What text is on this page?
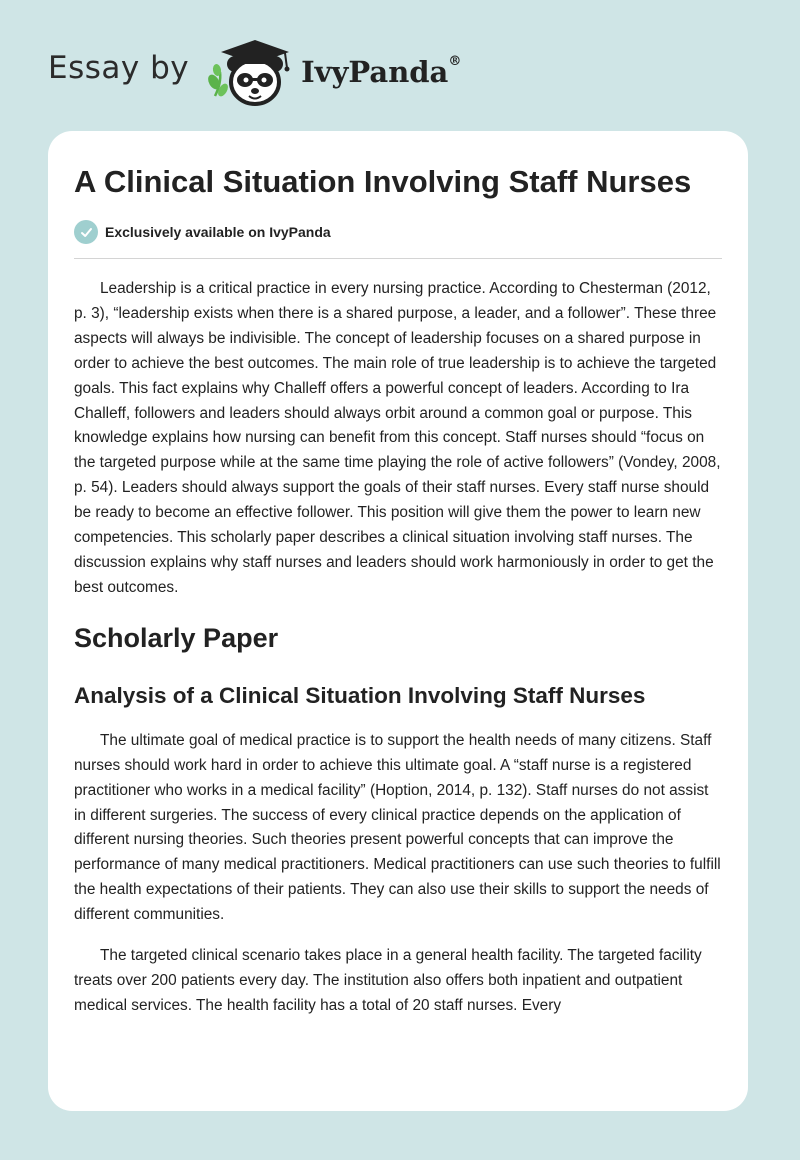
Essay by	IvyPanda®
A Clinical Situation Involving Staff Nurses
Exclusively available on IvyPanda

Leadership is a critical practice in every nursing practice. According to Chesterman (2012, p. 3), “leadership exists when there is a shared purpose, a leader, and a follower”. These three aspects will always be indivisible. The concept of leadership focuses on a shared purpose in order to achieve the best outcomes. The main role of true leadership is to achieve the targeted goals. This fact explains why Challeff offers a powerful concept of leaders. According to Ira Challeff, followers and leaders should always orbit around a common goal or purpose. This knowledge explains how nursing can benefit from this concept. Staff nurses should “focus on the targeted purpose while at the same time playing the role of active followers” (Vondey, 2008, p. 54). Leaders should always support the goals of their staff nurses. Every staff nurse should be ready to become an effective follower. This position will give them the power to learn new competencies. This scholarly paper describes a clinical situation involving staff nurses. The discussion explains why staff nurses and leaders should work harmoniously in order to get the best outcomes.

Scholarly Paper
Analysis of a Clinical Situation Involving Staff Nurses

The ultimate goal of medical practice is to support the health needs of many citizens. Staff nurses should work hard in order to achieve this ultimate goal. A “staff nurse is a registered practitioner who works in a medical facility” (Hoption, 2014, p. 132). Staff nurses do not assist in different surgeries. The success of every clinical practice depends on the application of different nursing theories. Such theories present powerful concepts that can improve the performance of many medical practitioners. Medical practitioners can use such theories to fulfill the health expectations of their patients. They can also use their skills to support the needs of different communities.

The targeted clinical scenario takes place in a general health facility. The targeted facility treats over 200 patients every day. The institution also offers both inpatient and outpatient medical services. The health facility has a total of 20 staff nurses. Every
